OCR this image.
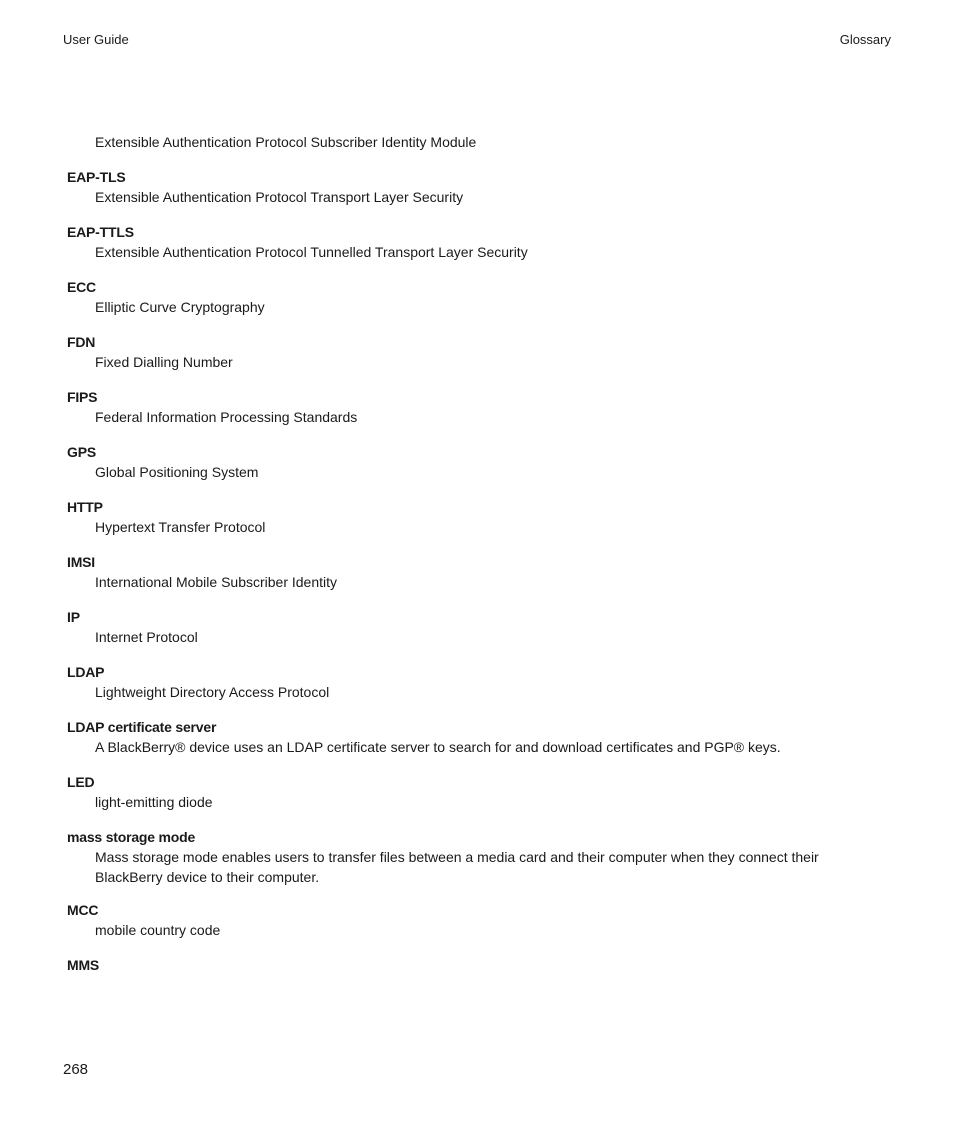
User Guide	Glossary
Extensible Authentication Protocol Subscriber Identity Module
EAP-TLS
Extensible Authentication Protocol Transport Layer Security
EAP-TTLS
Extensible Authentication Protocol Tunnelled Transport Layer Security
ECC
Elliptic Curve Cryptography
FDN
Fixed Dialling Number
FIPS
Federal Information Processing Standards
GPS
Global Positioning System
HTTP
Hypertext Transfer Protocol
IMSI
International Mobile Subscriber Identity
IP
Internet Protocol
LDAP
Lightweight Directory Access Protocol
LDAP certificate server
A BlackBerry® device uses an LDAP certificate server to search for and download certificates and PGP® keys.
LED
light-emitting diode
mass storage mode
Mass storage mode enables users to transfer files between a media card and their computer when they connect their BlackBerry device to their computer.
MCC
mobile country code
MMS
268
